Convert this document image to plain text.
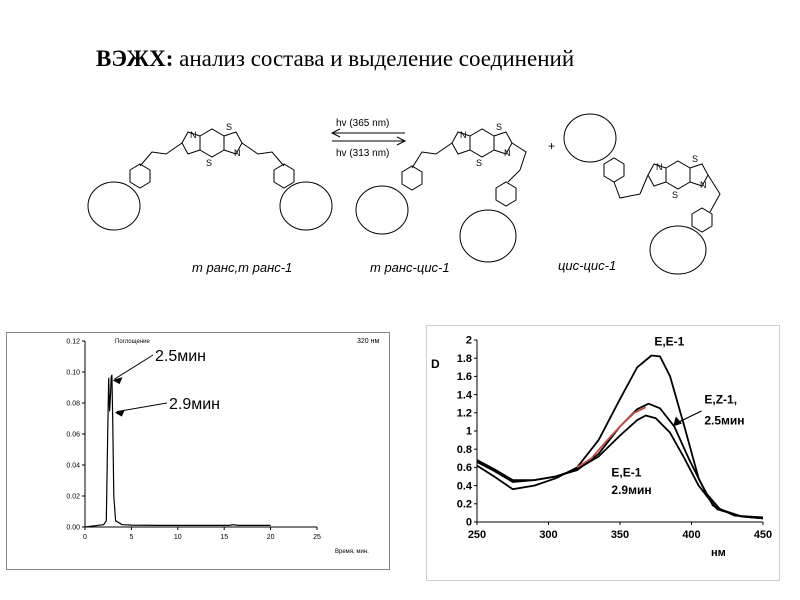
ВЭЖХ: анализ состава и выделение соединений
N
S
S
N
N
S
S
N
N
S
S
N
hv (365 nm)
hv (313 nm)
+
т ранс,т ранс-1	т ранс-цис-1	цис-цис-1
0.00
0.02
0.04
0.06
0.08
0.10
0.12
0	5	10	15	20	25
2.5мин
2.9мин
Поглощение	320 нм
Время, мин.
0
0.2
0.4
0.6
0.8
1
1.2
1.4
1.6
1.8
2
250	300	350	400	450
E,E-1
E,Z-1,
2.5мин
E,E-1
2.9мин
D
нм
